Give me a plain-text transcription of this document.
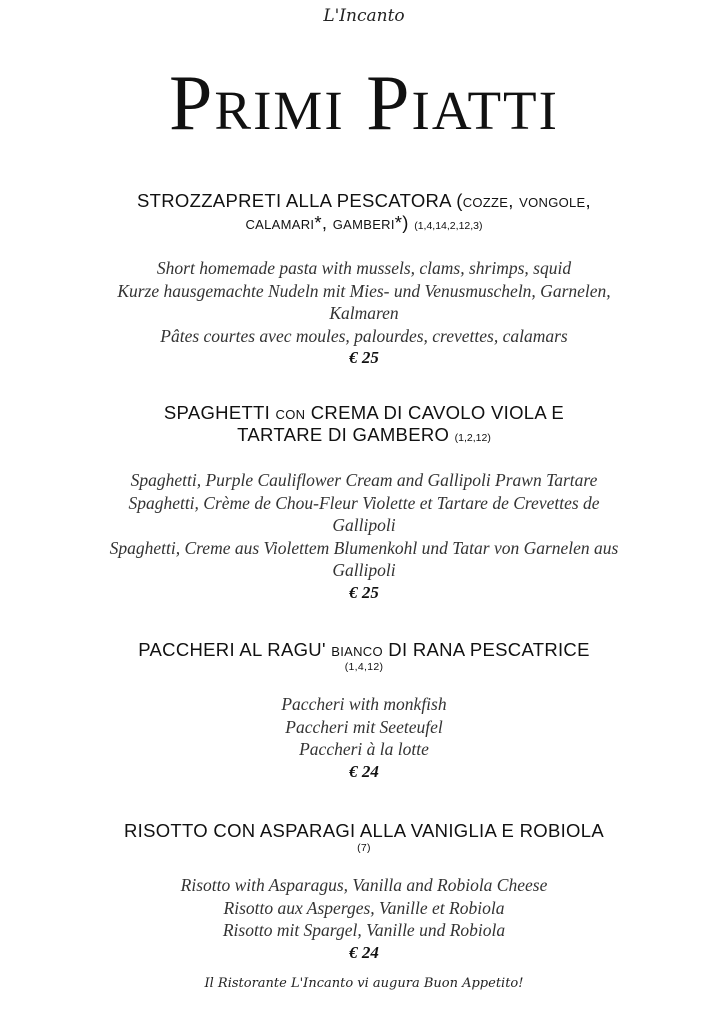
L'Incanto
Primi Piatti
STROZZAPRETI ALLA PESCATORA (cozze, vongole,
calamari*, gamberi*) (1,4,14,2,12,3)
Short homemade pasta with mussels, clams, shrimps, squid
Kurze hausgemachte Nudeln mit Mies- und Venusmuscheln, Garnelen,
Kalmaren
Pâtes courtes avec moules, palourdes, crevettes, calamars
€ 25
SPAGHETTI con CREMA DI CAVOLO VIOLA E
TARTARE DI GAMBERO (1,2,12)
Spaghetti, Purple Cauliflower Cream and Gallipoli Prawn Tartare
Spaghetti, Crème de Chou-Fleur Violette et Tartare de Crevettes de
Gallipoli
Spaghetti, Creme aus Violettem Blumenkohl und Tatar von Garnelen aus
Gallipoli
€ 25
PACCHERI AL RAGU' bianco DI RANA PESCATRICE
(1,4,12)
Paccheri with monkfish
Paccheri mit Seeteufel
Paccheri à la lotte
€ 24
RISOTTO CON ASPARAGI ALLA VANIGLIA E ROBIOLA
(7)
Risotto with Asparagus, Vanilla and Robiola Cheese
Risotto aux Asperges, Vanille et Robiola
Risotto mit Spargel, Vanille und Robiola
€ 24
Il Ristorante L'Incanto vi augura Buon Appetito!
